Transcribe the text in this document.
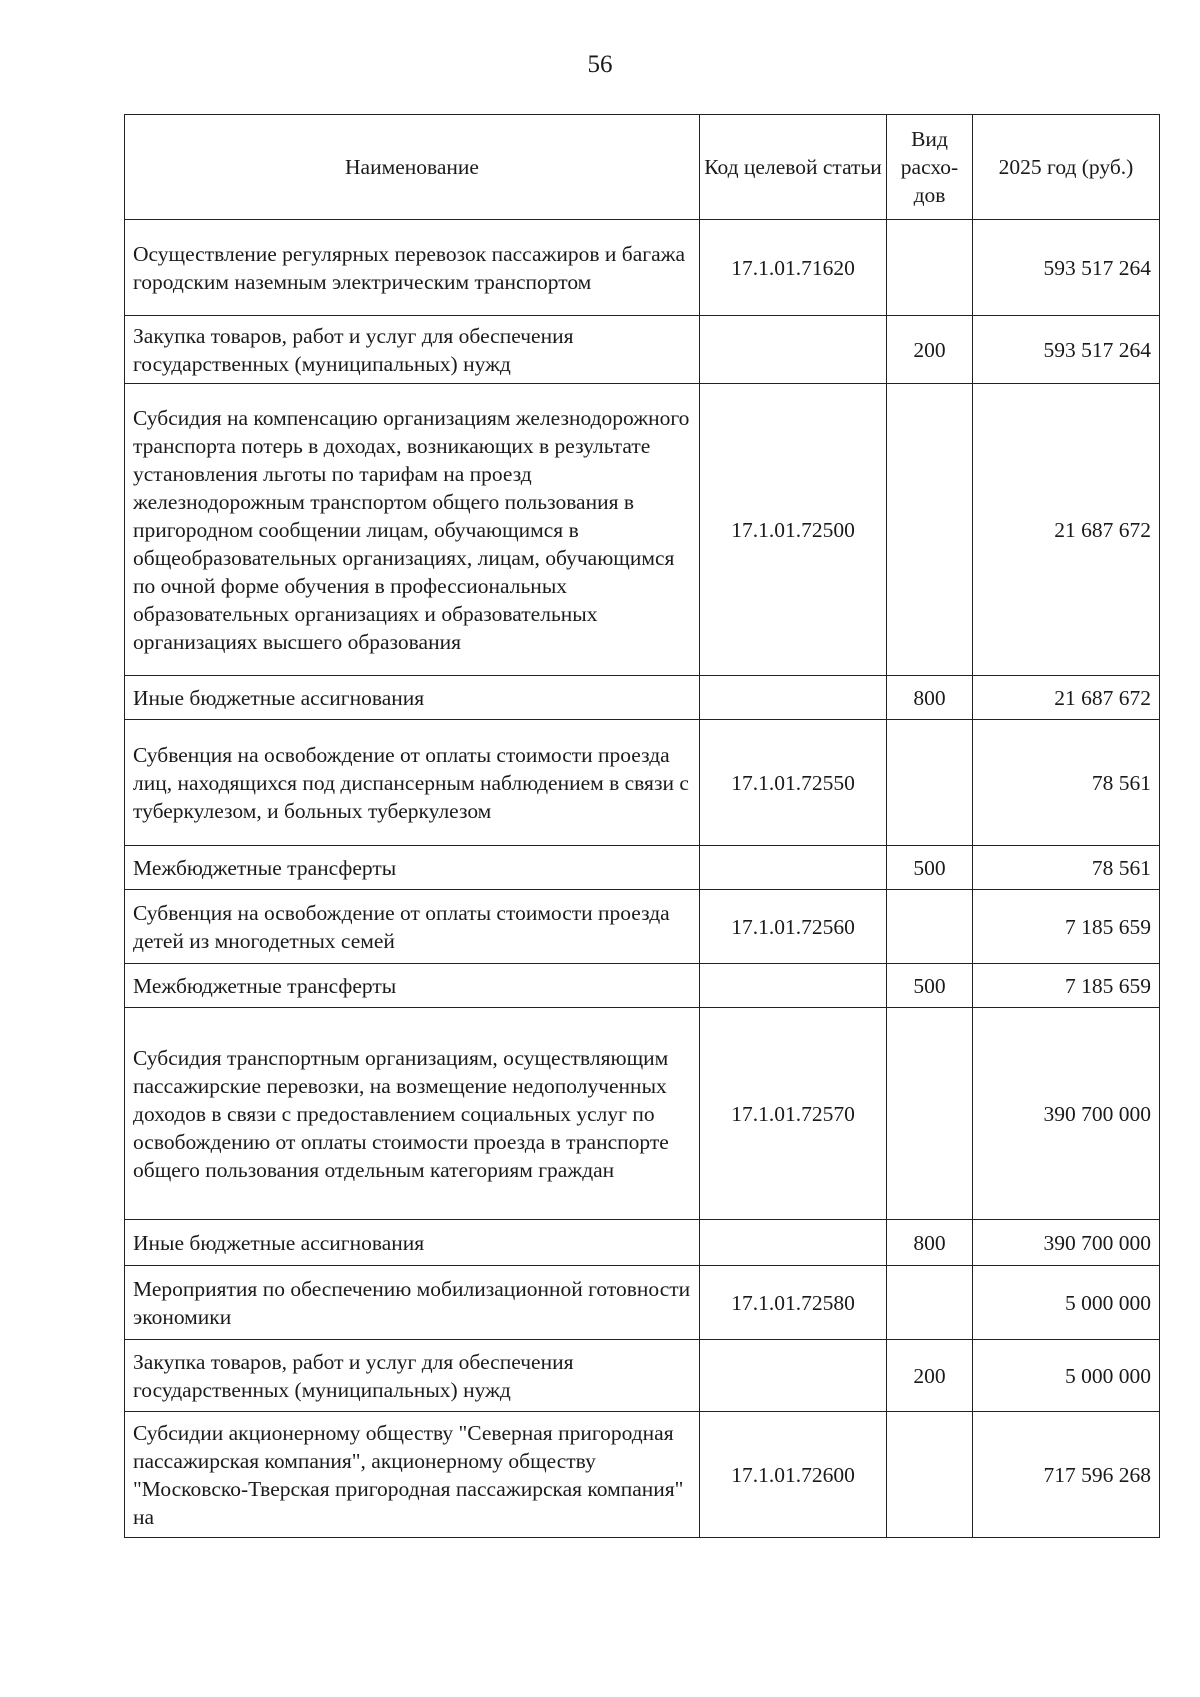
56
Наименование	Код целевой статьи	Вид расхо-дов	2025 год (руб.)
Осуществление регулярных перевозок пассажиров и багажа городским наземным электрическим транспортом	17.1.01.71620		593 517 264
Закупка товаров, работ и услуг для обеспечения государственных (муниципальных) нужд		200	593 517 264
Субсидия на компенсацию организациям железнодорожного транспорта потерь в доходах, возникающих в результате установления льготы по тарифам на проезд железнодорожным транспортом общего пользования в пригородном сообщении лицам, обучающимся в общеобразовательных организациях, лицам, обучающимся по очной форме обучения в профессиональных образовательных организациях и образовательных организациях высшего образования	17.1.01.72500		21 687 672
Иные бюджетные ассигнования		800	21 687 672
Субвенция на освобождение от оплаты стоимости проезда лиц, находящихся под диспансерным наблюдением в связи с туберкулезом, и больных туберкулезом	17.1.01.72550		78 561
Межбюджетные трансферты		500	78 561
Субвенция на освобождение от оплаты стоимости проезда детей из многодетных семей	17.1.01.72560		7 185 659
Межбюджетные трансферты		500	7 185 659
Субсидия транспортным организациям, осуществляющим пассажирские перевозки, на возмещение недополученных доходов в связи с предоставлением социальных услуг по освобождению от оплаты стоимости проезда в транспорте общего пользования отдельным категориям граждан	17.1.01.72570		390 700 000
Иные бюджетные ассигнования		800	390 700 000
Мероприятия по обеспечению мобилизационной готовности экономики	17.1.01.72580		5 000 000
Закупка товаров, работ и услуг для обеспечения государственных (муниципальных) нужд		200	5 000 000
Субсидии акционерному обществу "Северная пригородная пассажирская компания", акционерному обществу "Московско-Тверская пригородная пассажирская компания" на	17.1.01.72600		717 596 268
